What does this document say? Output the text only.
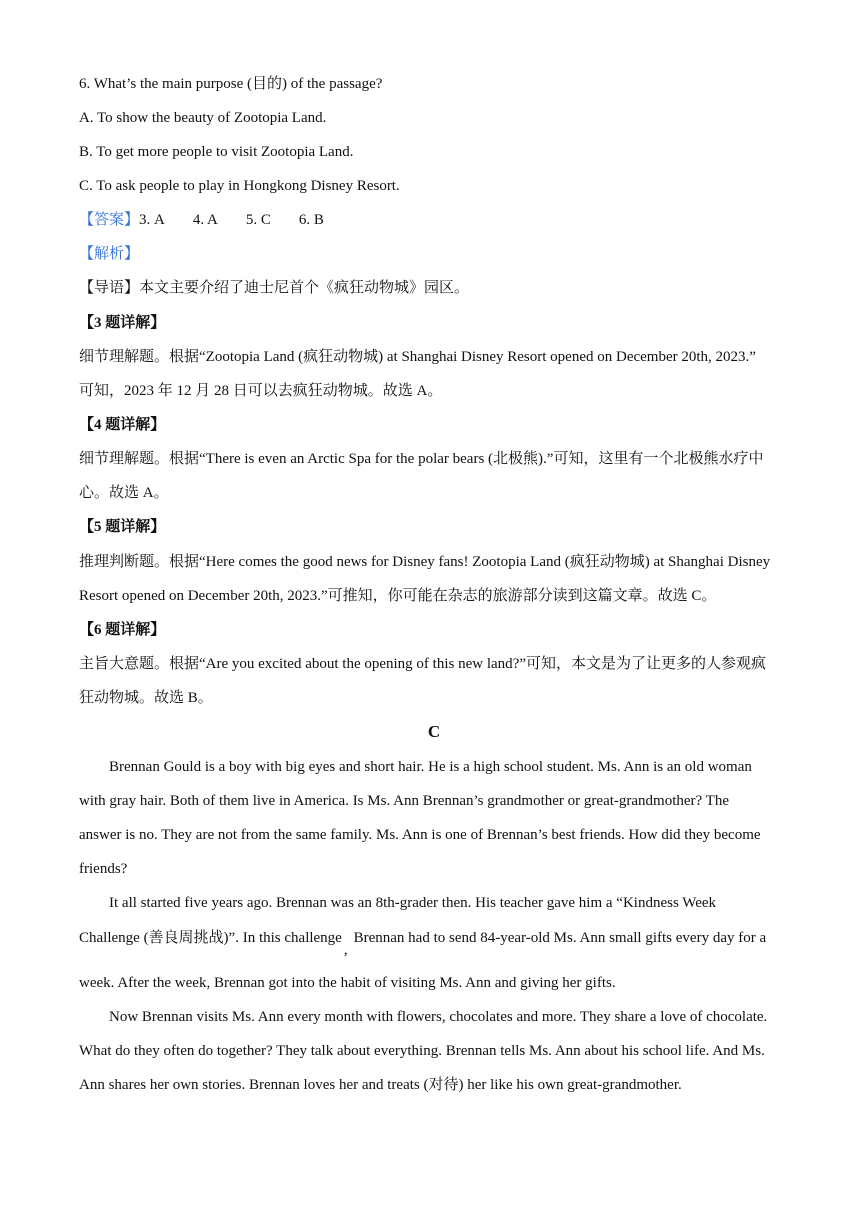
6. What’s the main purpose (目的) of the passage?
A. To show the beauty of Zootopia Land.
B. To get more people to visit Zootopia Land.
C. To ask people to play in Hongkong Disney Resort.
【答案】3. A 4. A 5. C 6. B
【解析】
【导语】本文主要介绍了迪士尼首个《疯狂动物城》园区。
【3 题详解】
细节理解题。根据“Zootopia Land (疯狂动物城) at Shanghai Disney Resort opened on December 20th, 2023.”
可知，2023 年 12 月 28 日可以去疯狂动物城。故选 A。
【4 题详解】
细节理解题。根据“There is even an Arctic Spa for the polar bears (北极熊).”可知，这里有一个北极熊水疗中
心。故选 A。
【5 题详解】
推理判断题。根据“Here comes the good news for Disney fans! Zootopia Land (疯狂动物城) at Shanghai Disney
Resort opened on December 20th, 2023.”可推知，你可能在杂志的旅游部分读到这篇文章。故选 C。
【6 题详解】
主旨大意题。根据“Are you excited about the opening of this new land?”可知，本文是为了让更多的人参观疯
狂动物城。故选 B。
C
Brennan Gould is a boy with big eyes and short hair. He is a high school student. Ms. Ann is an old woman
with gray hair. Both of them live in America. Is Ms. Ann Brennan’s grandmother or great-grandmother? The
answer is no. They are not from the same family. Ms. Ann is one of Brennan’s best friends. How did they become
friends?
It all started five years ago. Brennan was an 8th-grader then. His teacher gave him a “Kindness Week
Challenge (善良周挑战)”. In this challenge,Brennan had to send 84-year-old Ms. Ann small gifts every day for a
week. After the week, Brennan got into the habit of visiting Ms. Ann and giving her gifts.
Now Brennan visits Ms. Ann every month with flowers, chocolates and more. They share a love of chocolate.
What do they often do together? They talk about everything. Brennan tells Ms. Ann about his school life. And Ms.
Ann shares her own stories. Brennan loves her and treats (对待) her like his own great-grandmother.
